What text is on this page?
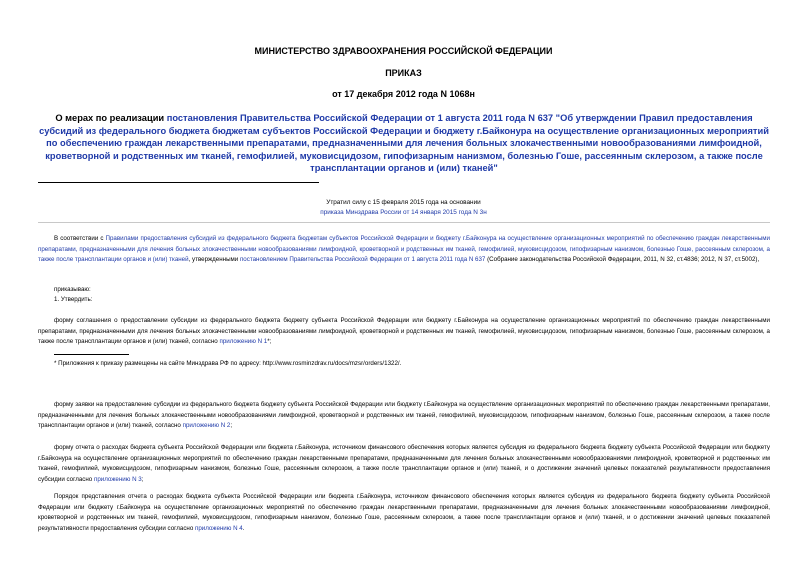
МИНИСТЕРСТВО ЗДРАВООХРАНЕНИЯ РОССИЙСКОЙ ФЕДЕРАЦИИ
ПРИКАЗ
от 17 декабря 2012 года N 1068н
О мерах по реализации постановления Правительства Российской Федерации от 1 августа 2011 года N 637 "Об утверждении Правил предоставления субсидий из федерального бюджета бюджетам субъектов Российской Федерации и бюджету г.Байконура на осуществление организационных мероприятий по обеспечению граждан лекарственными препаратами, предназначенными для лечения больных злокачественными новообразованиями лимфоидной, кроветворной и родственных им тканей, гемофилией, муковисцидозом, гипофизарным нанизмом, болезнью Гоше, рассеянным склерозом, а также после трансплантации органов и (или) тканей"
Утратил силу с 15 февраля 2015 года на основании
приказа Минздрава России от 14 января 2015 года N 3н
В соответствии с Правилами предоставления субсидий из федерального бюджета бюджетам субъектов Российской Федерации и бюджету г.Байконура на осуществление организационных мероприятий по обеспечению граждан лекарственными препаратами, предназначенными для лечения больных злокачественными новообразованиями лимфоидной, кроветворной и родственных им тканей, гемофилией, муковисцидозом, гипофизарным нанизмом, болезнью Гоше, рассеянным склерозом, а также после трансплантации органов и (или) тканей, утвержденными постановлением Правительства Российской Федерации от 1 августа 2011 года N 637 (Собрание законодательства Российской Федерации, 2011, N 32, ст.4836; 2012, N 37, ст.5002),
приказываю:
1. Утвердить:
форму соглашения о предоставлении субсидии из федерального бюджета бюджету субъекта Российской Федерации или бюджету г.Байконура на осуществление организационных мероприятий по обеспечению граждан лекарственными препаратами, предназначенными для лечения больных злокачественными новообразованиями лимфоидной, кроветворной и родственных им тканей, гемофилией, муковисцидозом, гипофизарным нанизмом, болезнью Гоше, рассеянным склерозом, а также после трансплантации органов и (или) тканей, согласно приложению N 1*;
* Приложения к приказу размещены на сайте Минздрава РФ по адресу: http://www.rosminzdrav.ru/docs/mzsr/orders/1322/.
форму заявки на предоставление субсидии из федерального бюджета бюджету субъекта Российской Федерации или бюджету г.Байконура на осуществление организационных мероприятий по обеспечению граждан лекарственными препаратами, предназначенными для лечения больных злокачественными новообразованиями лимфоидной, кроветворной и родственных им тканей, гемофилией, муковисцидозом, гипофизарным нанизмом, болезнью Гоше, рассеянным склерозом, а также после трансплантации органов и (или) тканей, согласно приложению N 2;
форму отчета о расходах бюджета субъекта Российской Федерации или бюджета г.Байконура, источником финансового обеспечения которых является субсидия из федерального бюджета бюджету субъекта Российской Федерации или бюджету г.Байконура на осуществление организационных мероприятий по обеспечению граждан лекарственными препаратами, предназначенными для лечения больных злокачественными новообразованиями лимфоидной, кроветворной и родственных им тканей, гемофилией, муковисцидозом, гипофизарным нанизмом, болезнью Гоше, рассеянным склерозом, а также после трансплантации органов и (или) тканей, и о достижении значений целевых показателей результативности предоставления субсидии согласно приложению N 3;
Порядок представления отчета о расходах бюджета субъекта Российской Федерации или бюджета г.Байконура, источником финансового обеспечения которых является субсидия из федерального бюджета бюджету субъекта Российской Федерации или бюджету г.Байконура на осуществление организационных мероприятий по обеспечению граждан лекарственными препаратами, предназначенными для лечения больных злокачественными новообразованиями лимфоидной, кроветворной и родственных им тканей, гемофилией, муковисцидозом, гипофизарным нанизмом, болезнью Гоше, рассеянным склерозом, а также после трансплантации органов и (или) тканей, и о достижении значений целевых показателей результативности предоставления субсидии согласно приложению N 4.
